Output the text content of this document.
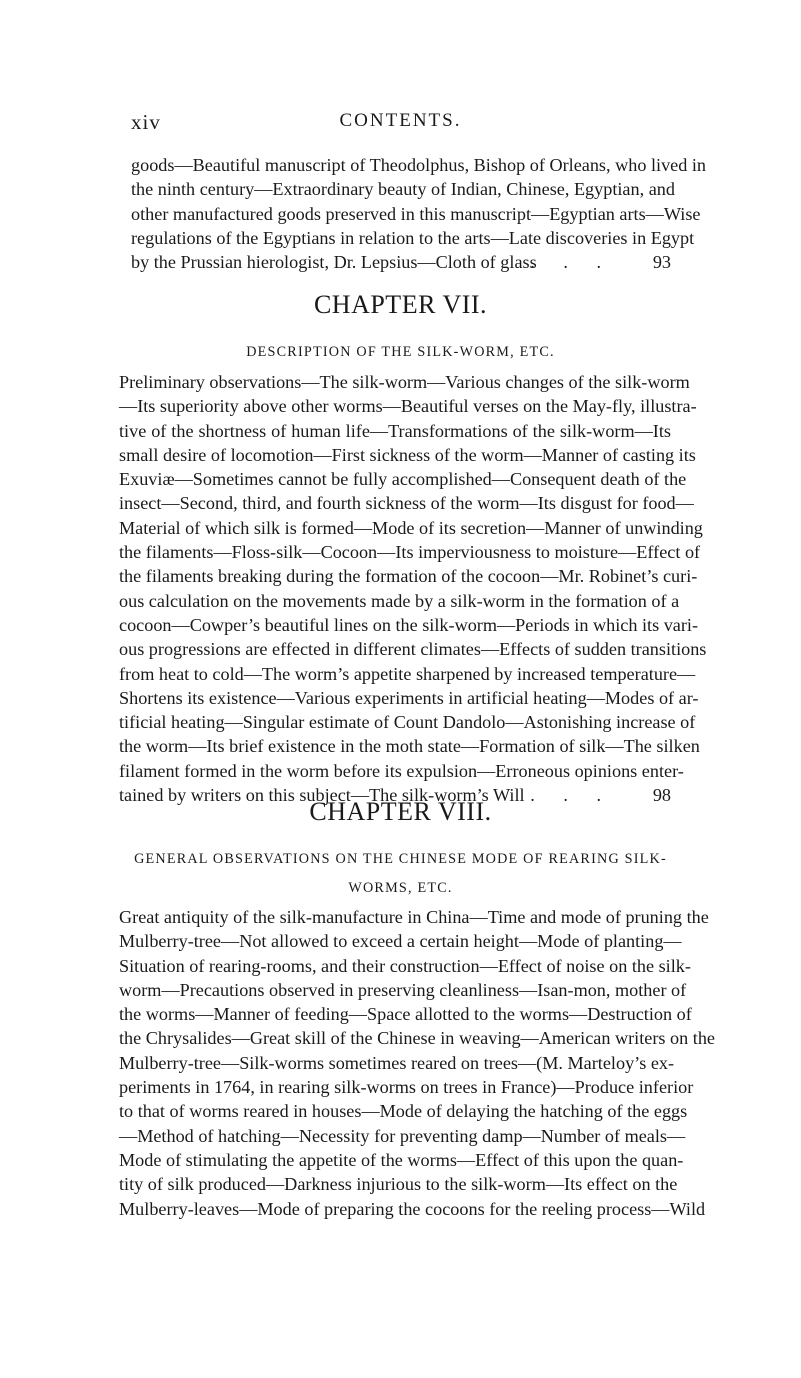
xiv	CONTENTS.
goods—Beautiful manuscript of Theodolphus, Bishop of Orleans, who lived in
the ninth century—Extraordinary beauty of Indian, Chinese, Egyptian, and
other manufactured goods preserved in this manuscript—Egyptian arts—Wise
regulations of the Egyptians in relation to the arts—Late discoveries in Egypt
by the Prussian hierologist, Dr. Lepsius—Cloth of glass
. . . 93
CHAPTER VII.
DESCRIPTION OF THE SILK-WORM, ETC.
Preliminary observations—The silk-worm—Various changes of the silk-worm
—Its superiority above other worms—Beautiful verses on the May-fly, illustra-
tive of the shortness of human life—Transformations of the silk-worm—Its
small desire of locomotion—First sickness of the worm—Manner of casting its
Exuviæ—Sometimes cannot be fully accomplished—Consequent death of the
insect—Second, third, and fourth sickness of the worm—Its disgust for food—
Material of which silk is formed—Mode of its secretion—Manner of unwinding
the filaments—Floss-silk—Cocoon—Its imperviousness to moisture—Effect of
the filaments breaking during the formation of the cocoon—Mr. Robinet’s curi-
ous calculation on the movements made by a silk-worm in the formation of a
cocoon—Cowper’s beautiful lines on the silk-worm—Periods in which its vari-
ous progressions are effected in different climates—Effects of sudden transitions
from heat to cold—The worm’s appetite sharpened by increased temperature—
Shortens its existence—Various experiments in artificial heating—Modes of ar-
tificial heating—Singular estimate of Count Dandolo—Astonishing increase of
the worm—Its brief existence in the moth state—Formation of silk—The silken
filament formed in the worm before its expulsion—Erroneous opinions enter-
tained by writers on this subject—The silk-worm’s Will . . . 98
CHAPTER VIII.
GENERAL OBSERVATIONS ON THE CHINESE MODE OF REARING SILK-
WORMS, ETC.
Great antiquity of the silk-manufacture in China—Time and mode of pruning the
Mulberry-tree—Not allowed to exceed a certain height—Mode of planting—
Situation of rearing-rooms, and their construction—Effect of noise on the silk-
worm—Precautions observed in preserving cleanliness—Isan-mon, mother of
the worms—Manner of feeding—Space allotted to the worms—Destruction of
the Chrysalides—Great skill of the Chinese in weaving—American writers on the
Mulberry-tree—Silk-worms sometimes reared on trees—(M. Marteloy’s ex-
periments in 1764, in rearing silk-worms on trees in France)—Produce inferior
to that of worms reared in houses—Mode of delaying the hatching of the eggs
—Method of hatching—Necessity for preventing damp—Number of meals—
Mode of stimulating the appetite of the worms—Effect of this upon the quan-
tity of silk produced—Darkness injurious to the silk-worm—Its effect on the
Mulberry-leaves—Mode of preparing the cocoons for the reeling process—Wild
